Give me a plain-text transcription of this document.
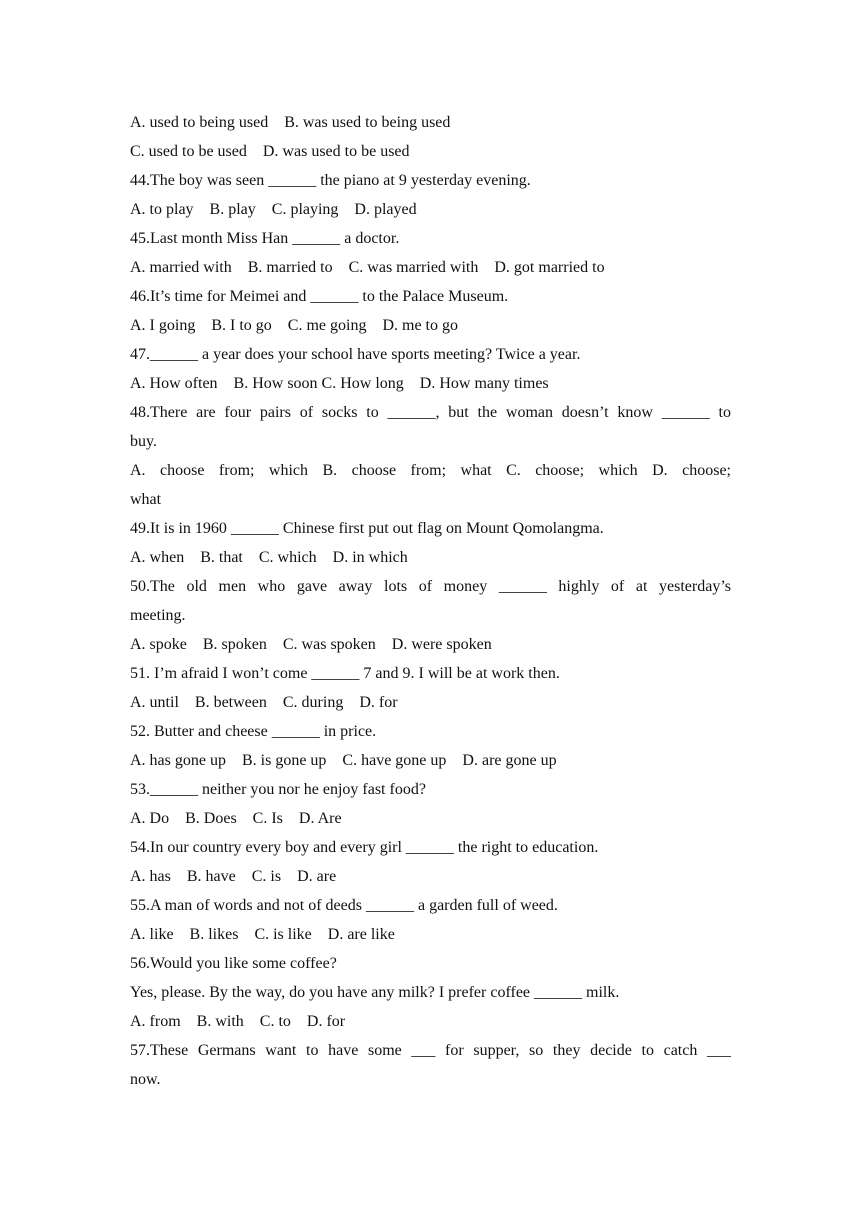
A. used to being used    B. was used to being used
C. used to be used    D. was used to be used
44.The boy was seen ______ the piano at 9 yesterday evening.
A. to play    B. play    C. playing    D. played
45.Last month Miss Han ______ a doctor.
A. married with    B. married to    C. was married with    D. got married to
46.It’s time for Meimei and ______ to the Palace Museum.
A. I going    B. I to go    C. me going    D. me to go
47.______ a year does your school have sports meeting? Twice a year.
A. How often    B. How soon C. How long    D. How many times
48.There are four pairs of socks to ______, but the woman doesn’t know ______ to
buy.
A. choose from; which B. choose from; what C. choose; which D. choose;
what
49.It is in 1960 ______ Chinese first put out flag on Mount Qomolangma.
A. when    B. that    C. which    D. in which
50.The old men who gave away lots of money ______ highly of at yesterday’s
meeting.
A. spoke    B. spoken    C. was spoken    D. were spoken
51. I’m afraid I won’t come ______ 7 and 9. I will be at work then.
A. until    B. between    C. during    D. for
52. Butter and cheese ______ in price.
A. has gone up    B. is gone up    C. have gone up    D. are gone up
53.______ neither you nor he enjoy fast food?
A. Do    B. Does    C. Is    D. Are
54.In our country every boy and every girl ______ the right to education.
A. has    B. have    C. is    D. are
55.A man of words and not of deeds ______ a garden full of weed.
A. like    B. likes    C. is like    D. are like
56.Would you like some coffee?
Yes, please. By the way, do you have any milk? I prefer coffee ______ milk.
A. from    B. with    C. to    D. for
57.These Germans want to have some ___ for supper, so they decide to catch ___
now.
